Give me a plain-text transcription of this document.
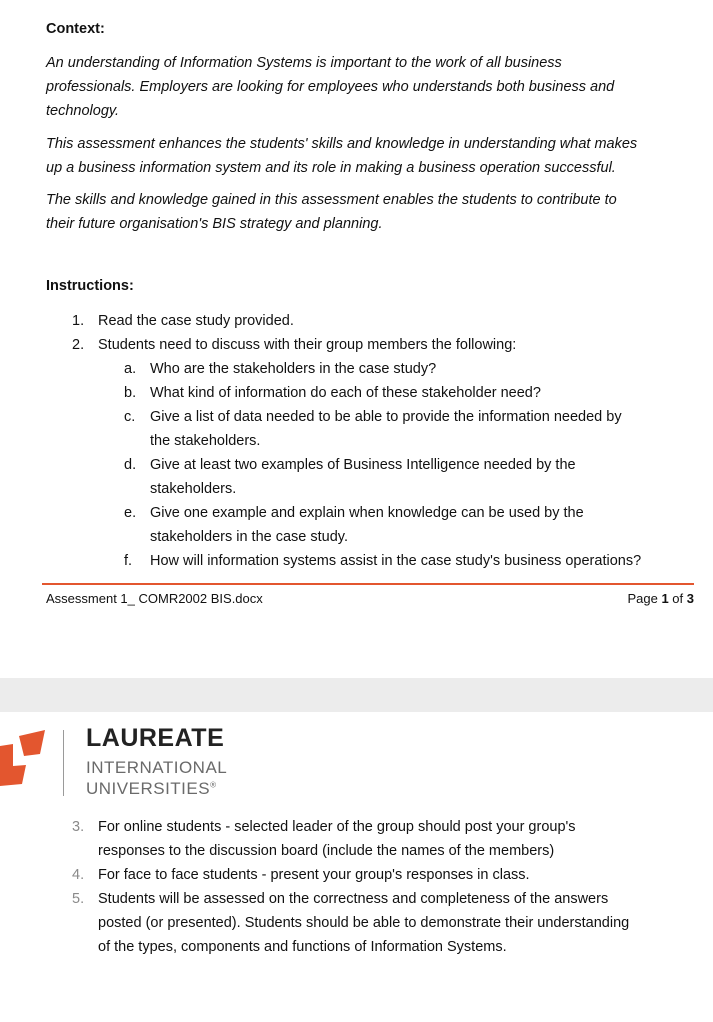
Context:
An understanding of Information Systems is important to the work of all business
professionals. Employers are looking for employees who understands both business and
technology.
This assessment enhances the students' skills and knowledge in understanding what makes
up a business information system and its role in making a business operation successful.
The skills and knowledge gained in this assessment enables the students to contribute to
their future organisation's BIS strategy and planning.
Instructions:
1. Read the case study provided.
2. Students need to discuss with their group members the following:
a. Who are the stakeholders in the case study?
b. What kind of information do each of these stakeholder need?
c. Give a list of data needed to be able to provide the information needed by
the stakeholders.
d. Give at least two examples of Business Intelligence needed by the
stakeholders.
e. Give one example and explain when knowledge can be used by the
stakeholders in the case study.
f. How will information systems assist in the case study's business operations?
Assessment 1_ COMR2002 BIS.docx	Page 1 of 3
LAUREATE
INTERNATIONAL
UNIVERSITIES®
3. For online students - selected leader of the group should post your group's
responses to the discussion board (include the names of the members)
4. For face to face students - present your group's responses in class.
5. Students will be assessed on the correctness and completeness of the answers
posted (or presented). Students should be able to demonstrate their understanding
of the types, components and functions of Information Systems.
